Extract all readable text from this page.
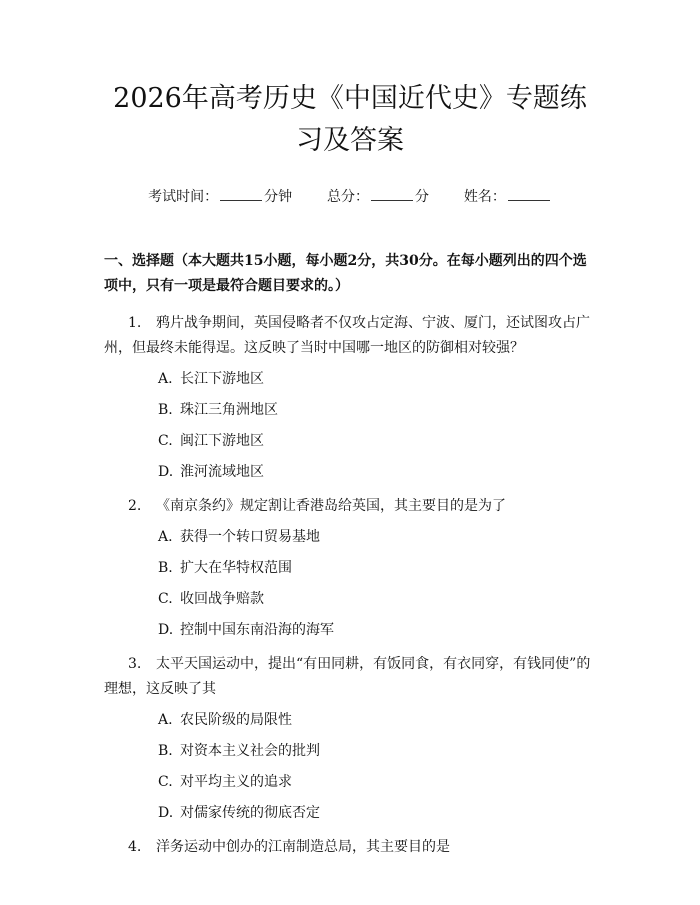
2026年高考历史《中国近代史》专题练习及答案
考试时间：	分钟 总分：	分 姓名：
一、选择题（本大题共15小题，每小题2分，共30分。在每小题列出的四个选项中，只有一项是最符合题目要求的。）
1. 鸦片战争期间，英国侵略者不仅攻占定海、宁波、厦门，还试图攻占广州，但最终未能得逞。这反映了当时中国哪一地区的防御相对较强？
A. 长江下游地区
B. 珠江三角洲地区
C. 闽江下游地区
D. 淮河流域地区
2. 《南京条约》规定割让香港岛给英国，其主要目的是为了
A. 获得一个转口贸易基地
B. 扩大在华特权范围
C. 收回战争赔款
D. 控制中国东南沿海的海军
3. 太平天国运动中，提出“有田同耕，有饭同食，有衣同穿，有钱同使”的理想，这反映了其
A. 农民阶级的局限性
B. 对资本主义社会的批判
C. 对平均主义的追求
D. 对儒家传统的彻底否定
4. 洋务运动中创办的江南制造总局，其主要目的是
